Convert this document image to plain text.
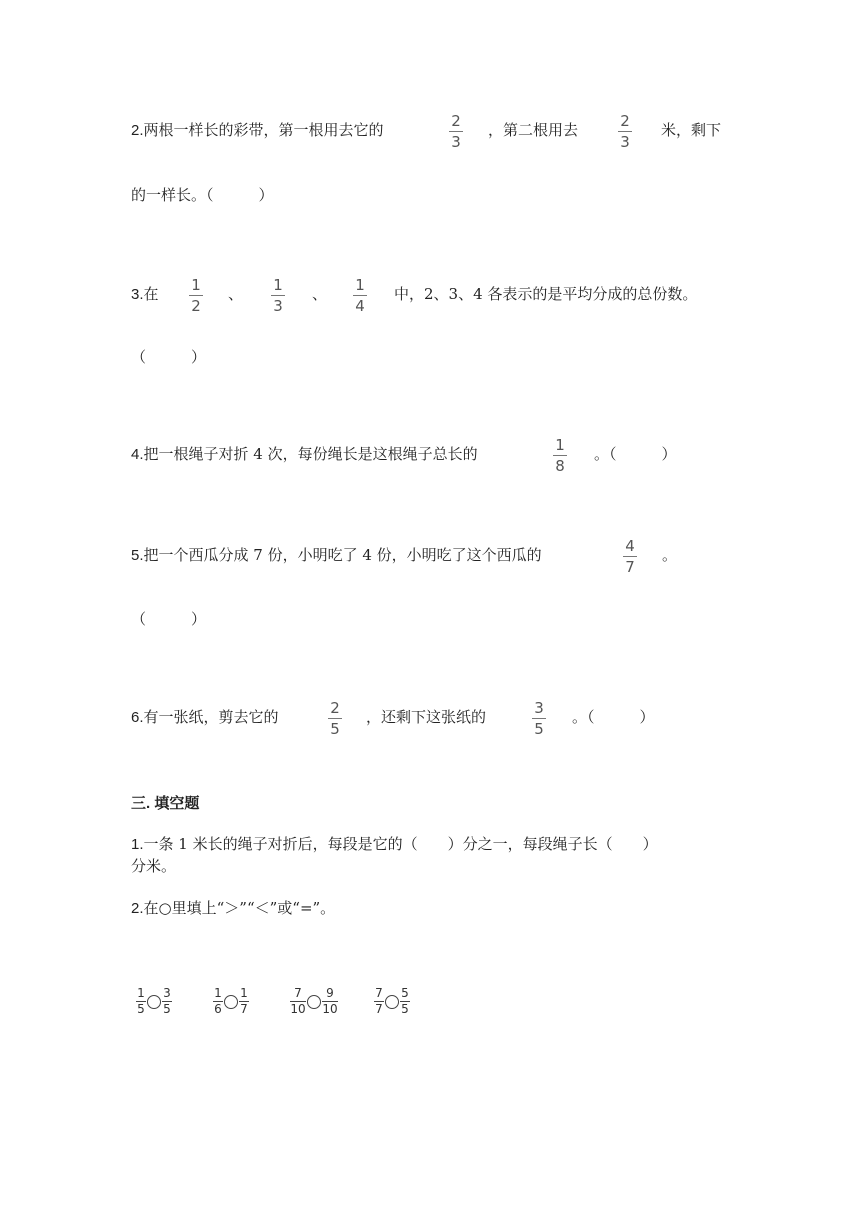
2.两根一样长的彩带，第一根用去它的	2
3
，第二根用去	2
3
米，剩下
的一样长。（　　　）
3.在 1
2
、 1
3
、 1
4
中，2、3、4 各表示的是平均分成的总份数。
（　　　）
4.把一根绳子对折 4 次，每份绳长是这根绳子总长的	1
8
。（　　　）
5.把一个西瓜分成 7 份，小明吃了 4 份，小明吃了这个西瓜的	4
7
。
（　　　）
6.有一张纸，剪去它的	2
5
，还剩下这张纸的	3
5
。（　　　）
三. 填空题
1.一条 1 米长的绳子对折后，每段是它的（　　）分之一，每段绳子长（　　）
分米。
2.在○里填上“＞”“＜”或“=”。
1
5
3
5
1
6
1
7
7
10
9
10
7
7
5
5
